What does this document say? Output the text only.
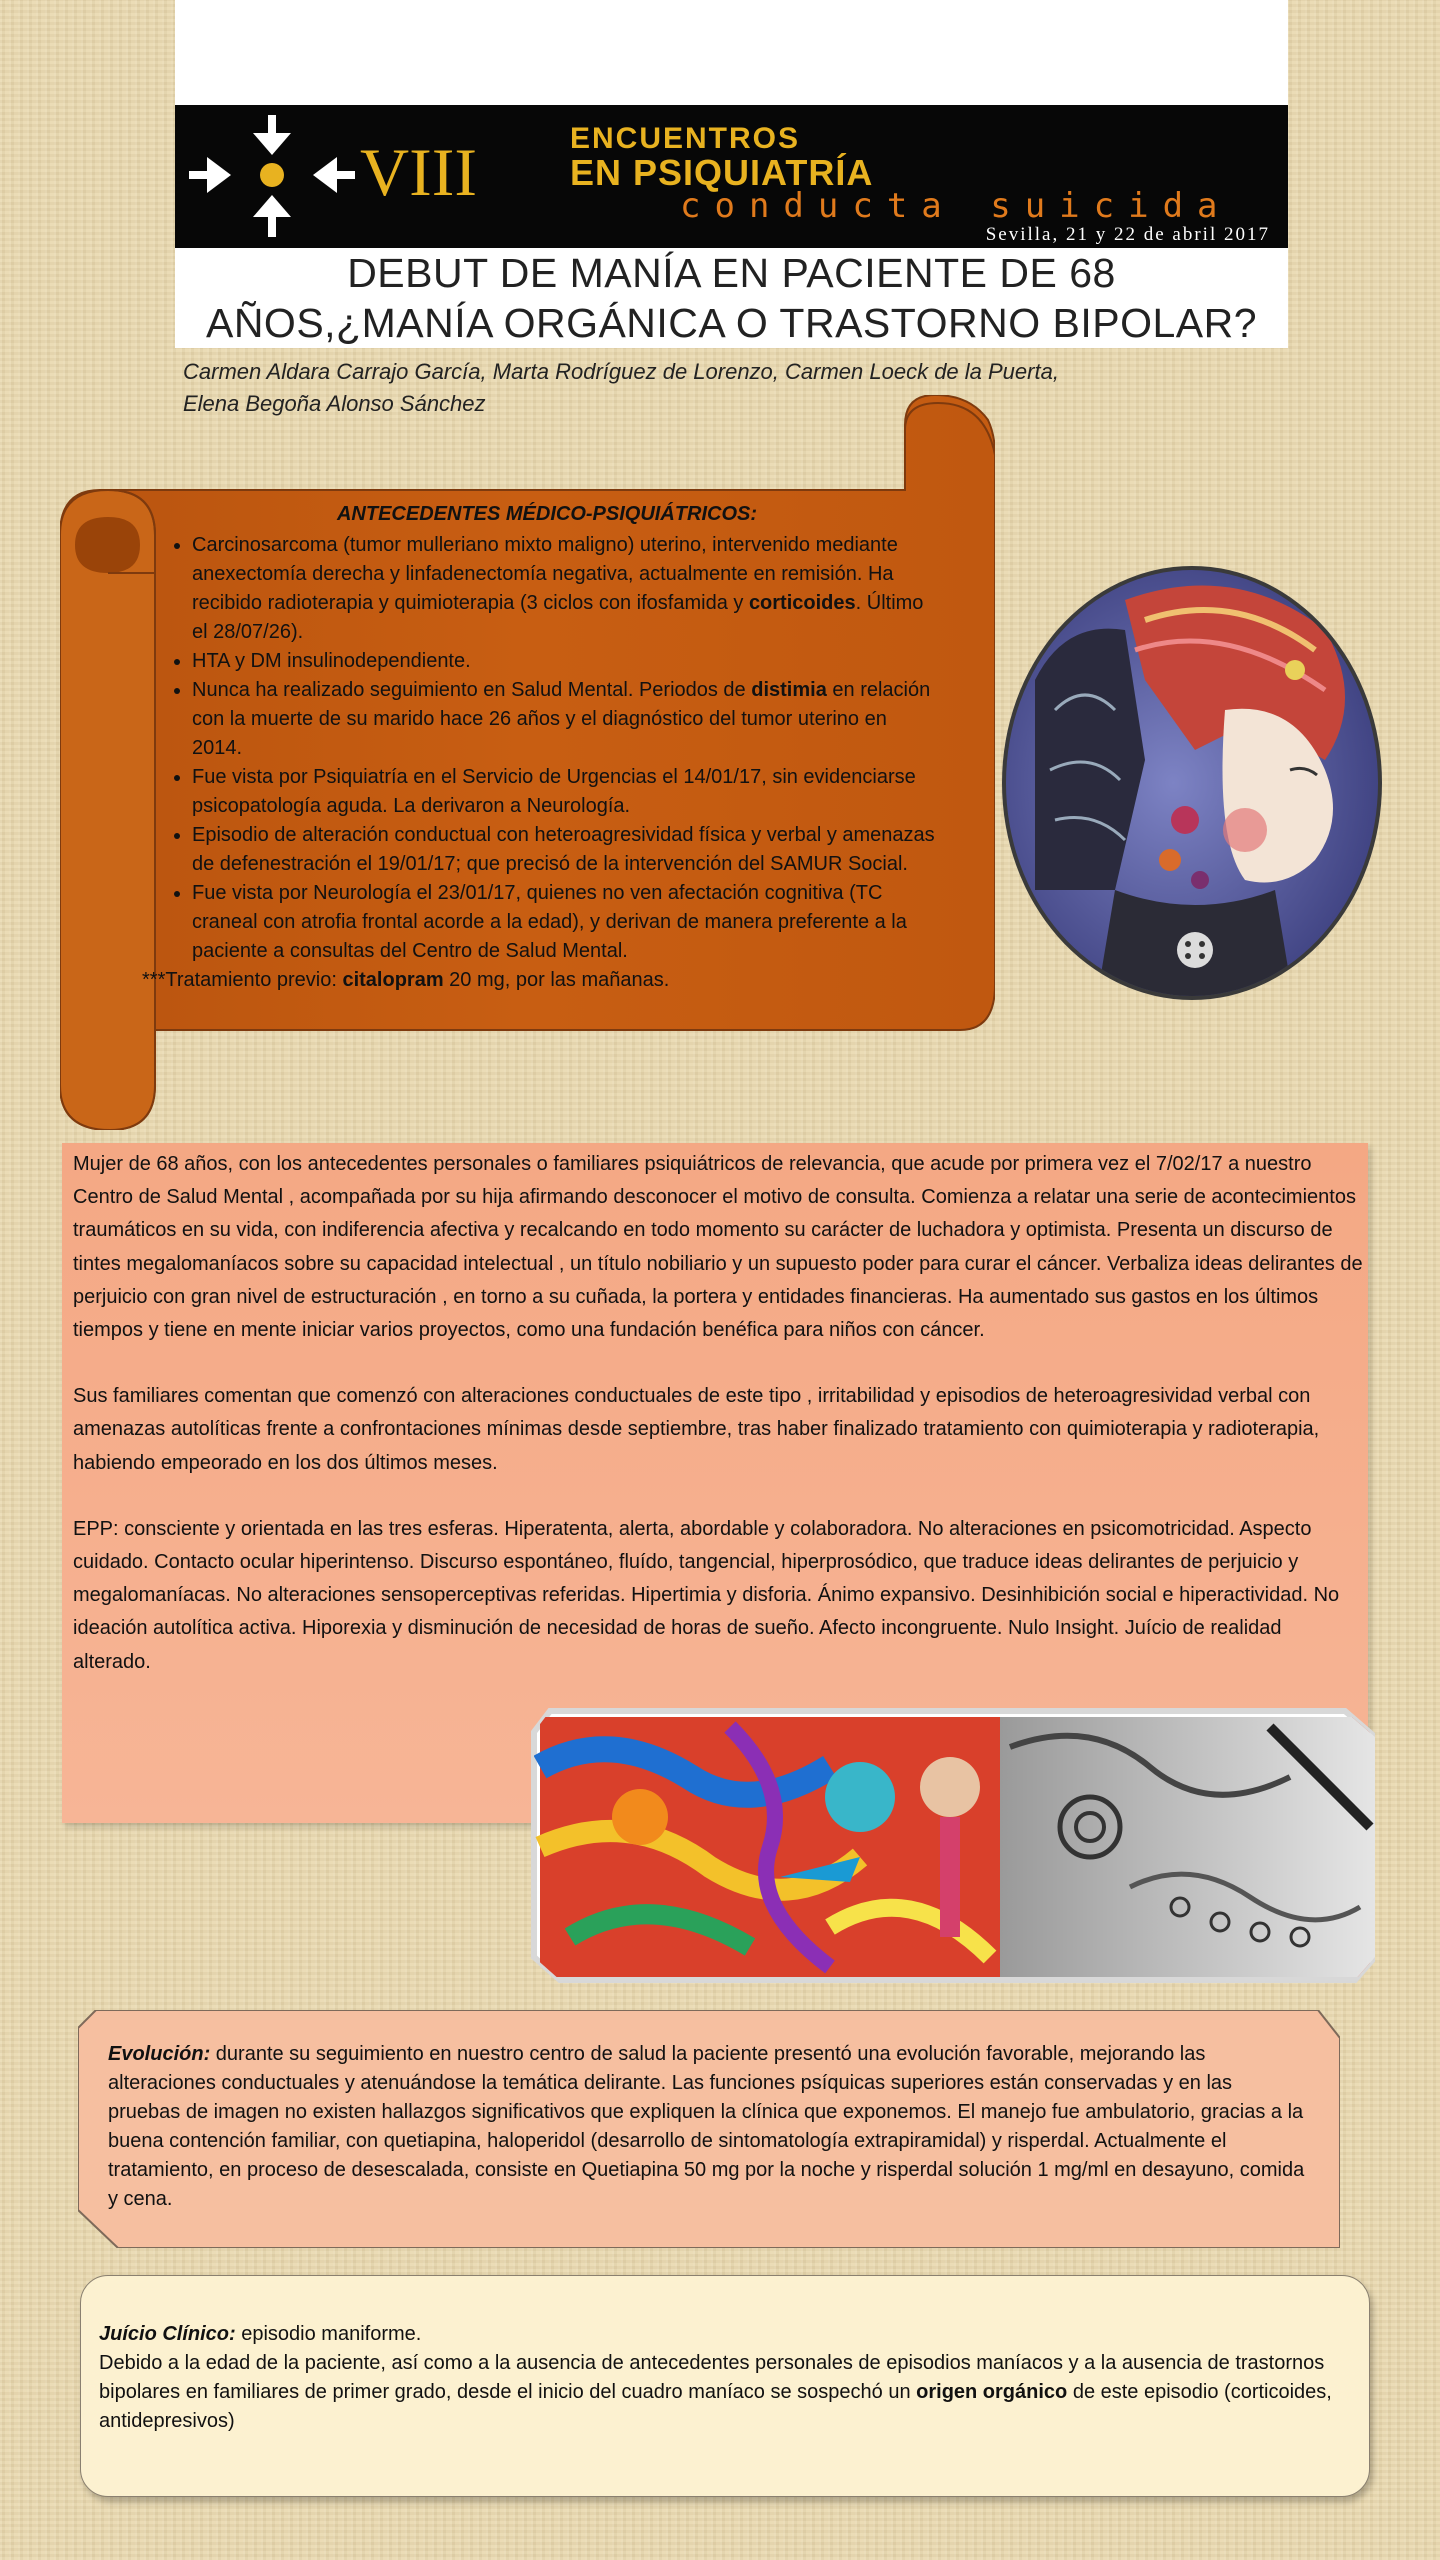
VIII	ENCUENTROS
EN PSIQUIATRÍA
conducta suicida
Sevilla, 21 y 22 de abril 2017
DEBUT DE MANÍA EN PACIENTE DE 68
AÑOS,¿MANÍA ORGÁNICA O TRASTORNO BIPOLAR?
Carmen Aldara Carrajo García, Marta Rodríguez de Lorenzo, Carmen Loeck de la Puerta,
Elena Begoña Alonso Sánchez
ANTECEDENTES MÉDICO-PSIQUIÁTRICOS:
• Carcinosarcoma (tumor mulleriano mixto maligno) uterino, intervenido mediante anexectomía derecha y linfadenectomía negativa, actualmente en remisión. Ha recibido radioterapia y quimioterapia (3 ciclos con ifosfamida y corticoides. Último el 28/07/26).
• HTA y DM insulinodependiente.
• Nunca ha realizado seguimiento en Salud Mental. Periodos de distimia en relación con la muerte de su marido hace 26 años y el diagnóstico del tumor uterino en 2014.
• Fue vista por Psiquiatría en el Servicio de Urgencias el 14/01/17, sin evidenciarse psicopatología aguda. La derivaron a Neurología.
• Episodio de alteración conductual con heteroagresividad física y verbal y amenazas de defenestración el 19/01/17; que precisó de la intervención del SAMUR Social.
• Fue vista por Neurología el 23/01/17, quienes no ven afectación cognitiva (TC craneal con atrofia frontal acorde a la edad), y derivan de manera preferente a la paciente a consultas del Centro de Salud Mental.

***Tratamiento previo: citalopram 20 mg, por las mañanas.

Mujer de 68 años, con los antecedentes personales o familiares psiquiátricos de relevancia, que acude por primera vez el 7/02/17 a nuestro Centro de Salud Mental , acompañada por su hija afirmando desconocer el motivo de consulta. Comienza a relatar una serie de acontecimientos traumáticos en su vida, con indiferencia afectiva y recalcando en todo momento su carácter de luchadora y optimista. Presenta un discurso de tintes megalomaníacos sobre su capacidad intelectual , un título nobiliario y un supuesto poder para curar el cáncer. Verbaliza ideas delirantes de perjuicio con gran nivel de estructuración , en torno a su cuñada, la portera y entidades financieras. Ha aumentado sus gastos en los últimos tiempos y tiene en mente iniciar varios proyectos, como una fundación benéfica para niños con cáncer.

Sus familiares comentan que comenzó con alteraciones conductuales de este tipo , irritabilidad y episodios de heteroagresividad verbal con amenazas autolíticas frente a confrontaciones mínimas desde septiembre, tras haber finalizado tratamiento con quimioterapia y radioterapia, habiendo empeorado en los dos últimos meses.

EPP: consciente y orientada en las tres esferas. Hiperatenta, alerta, abordable y colaboradora. No alteraciones en psicomotricidad. Aspecto cuidado. Contacto ocular hiperintenso. Discurso espontáneo, fluído, tangencial, hiperprosódico, que traduce ideas delirantes de perjuicio y megalomaníacas. No alteraciones sensoperceptivas referidas. Hipertimia y disforia. Ánimo expansivo. Desinhibición social e hiperactividad. No ideación autolítica activa. Hiporexia y disminución de necesidad de horas de sueño. Afecto incongruente. Nulo Insight. Juício de realidad alterado.

Evolución: durante su seguimiento en nuestro centro de salud la paciente presentó una evolución favorable, mejorando las alteraciones conductuales y atenuándose la temática delirante. Las funciones psíquicas superiores están conservadas y en las pruebas de imagen no existen hallazgos significativos que expliquen la clínica que exponemos. El manejo fue ambulatorio, gracias a la buena contención familiar, con quetiapina, haloperidol (desarrollo de sintomatología extrapiramidal) y risperdal. Actualmente el tratamiento, en proceso de desescalada, consiste en Quetiapina 50 mg por la noche y risperdal solución 1 mg/ml en desayuno, comida y cena.

Juício Clínico: episodio maniforme.

Debido a la edad de la paciente, así como a la ausencia de antecedentes personales de episodios maníacos y a la ausencia de trastornos bipolares en familiares de primer grado, desde el inicio del cuadro maníaco se sospechó un origen orgánico de este episodio (corticoides, antidepresivos)
